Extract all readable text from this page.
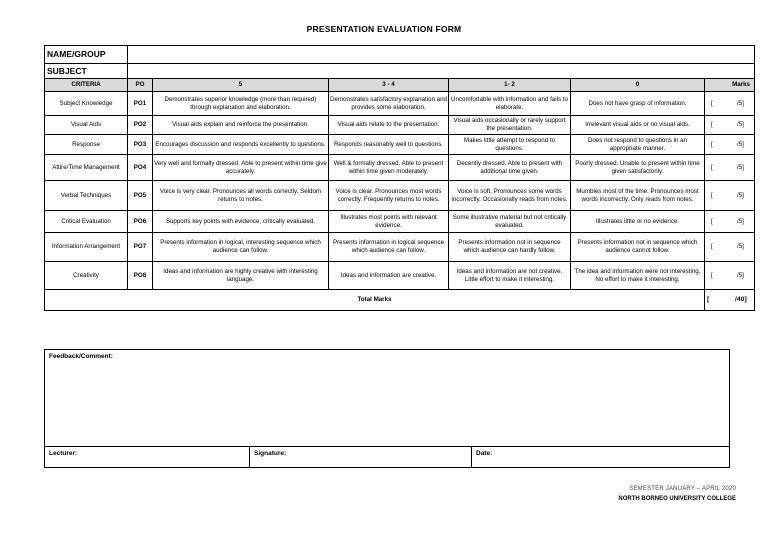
PRESENTATION EVALUATION FORM
NAME/GROUP						
SUBJECT						
CRITERIA	PO	5	3 - 4	1- 2	0	Marks
Subject Knowledge	PO1	Demonstrates superior knowledge (more than required) through explanation and elaboration.	Demonstrates satisfactory explanation and provides some elaboration.	Uncomfortable with information and fails to elaborate.	Does not have grasp of information.	[ /5]
Visual Aids	PO2	Visual aids explain and reinforce the presentation.	Visual aids relate to the presentation.	Visual aids occasionally or rarely support the presentation.	Irrelevant visual aids or no visual aids.	[ /5]
Response	PO3	Encourages discussion and responds excellently to questions.	Responds reasonably well to questions.	Makes little attempt to respond to questions.	Does not respond to questions in an appropriate manner.	[ /5]
Attire/Time Management	PO4	Very well and formally dressed. Able to present within time give accurately.	Well & formally dressed. Able to present within time given moderately.	Decently dressed. Able to present with additional time given.	Poorly dressed. Unable to present within time given satisfactorily.	[ /5]
Verbal Techniques	PO5	Voice is very clear. Pronounces all words correctly. Seldom returns to notes.	Voice is clear. Pronounces most words correctly. Frequently returns to notes.	Voice is soft. Pronounces some words incorrectly. Occasionally reads from notes.	Mumbles most of the time. Pronounces most words incorrectly. Only reads from notes.	[ /5]
Critical Evaluation	PO6	Supports key points with evidence, critically evaluated.	Illustrates most points with relevant evidence.	Some illustrative material but not critically evaluated.	Illustrates little or no evidence.	[ /5]
Information Arrangement	PO7	Presents information in logical, interesting sequence which audience can follow.	Presents information in logical sequence which audience can follow.	Presents information not in sequence which audience can hardly follow.	Presents information not in sequence which audience cannot follow.	[ /5]
Creativity	PO8	Ideas and information are highly creative with interesting language.	Ideas and information are creative.	Ideas and information are not creative. Little effort to make it interesting.	The idea and information were not interesting. No effort to make it interesting.	[ /5]
Total Marks						[ /40]
Feedback/Comment:
Lecturer:	Signature:	Date:
SEMESTER JANUARY – APRIL 2020
NORTH BORNEO UNIVERSITY COLLEGE
